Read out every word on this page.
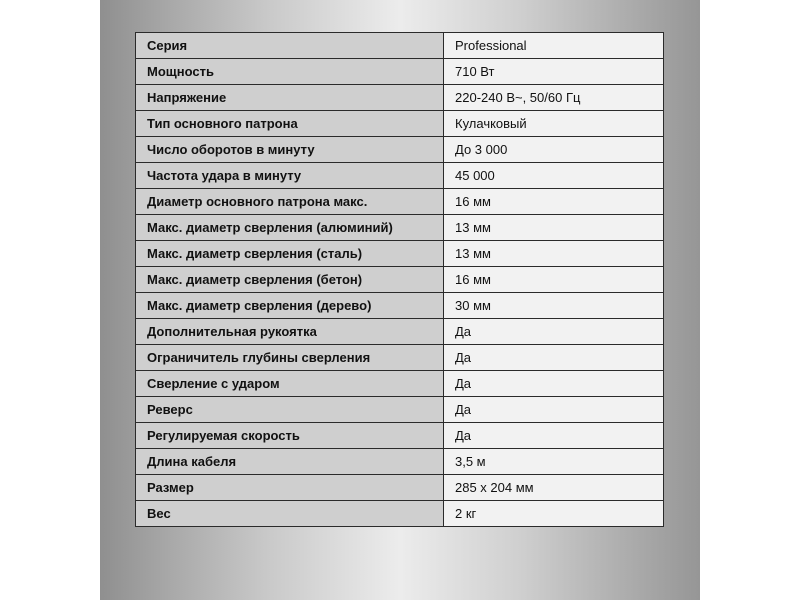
Серия	Professional
Мощность	710 Вт
Напряжение	220-240 В~, 50/60 Гц
Тип основного патрона	Кулачковый
Число оборотов в минуту	До 3 000
Частота удара в минуту	45 000
Диаметр основного патрона макс.	16 мм
Макс. диаметр сверления (алюминий)	13 мм
Макс. диаметр сверления (сталь)	13 мм
Макс. диаметр сверления (бетон)	16 мм
Макс. диаметр сверления (дерево)	30 мм
Дополнительная рукоятка	Да
Ограничитель глубины сверления	Да
Сверление с ударом	Да
Реверс	Да
Регулируемая скорость	Да
Длина кабеля	3,5 м
Размер	285 х 204 мм
Вес	2 кг
